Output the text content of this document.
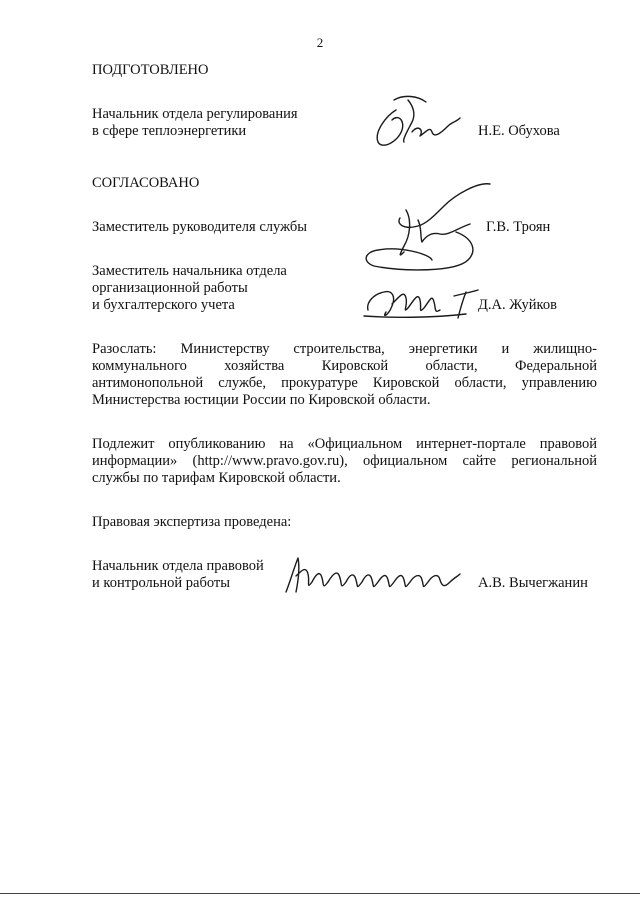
2
ПОДГОТОВЛЕНО
Начальник отдела регулирования
в сфере теплоэнергетики	Н.Е. Обухова
СОГЛАСОВАНО
Заместитель руководителя службы	Г.В. Троян
Заместитель начальника отдела
организационной работы
и бухгалтерского учета	Д.А. Жуйков
Разослать: Министерству строительства, энергетики и жилищно-
коммунального хозяйства Кировской области, Федеральной
антимонопольной службе, прокуратуре Кировской области, управлению
Министерства юстиции России по Кировской области.
Подлежит опубликованию на «Официальном интернет-портале правовой
информации» (http://www.pravo.gov.ru), официальном сайте региональной
службы по тарифам Кировской области.
Правовая экспертиза проведена:
Начальник отдела правовой
и контрольной работы	А.В. Вычегжанин
